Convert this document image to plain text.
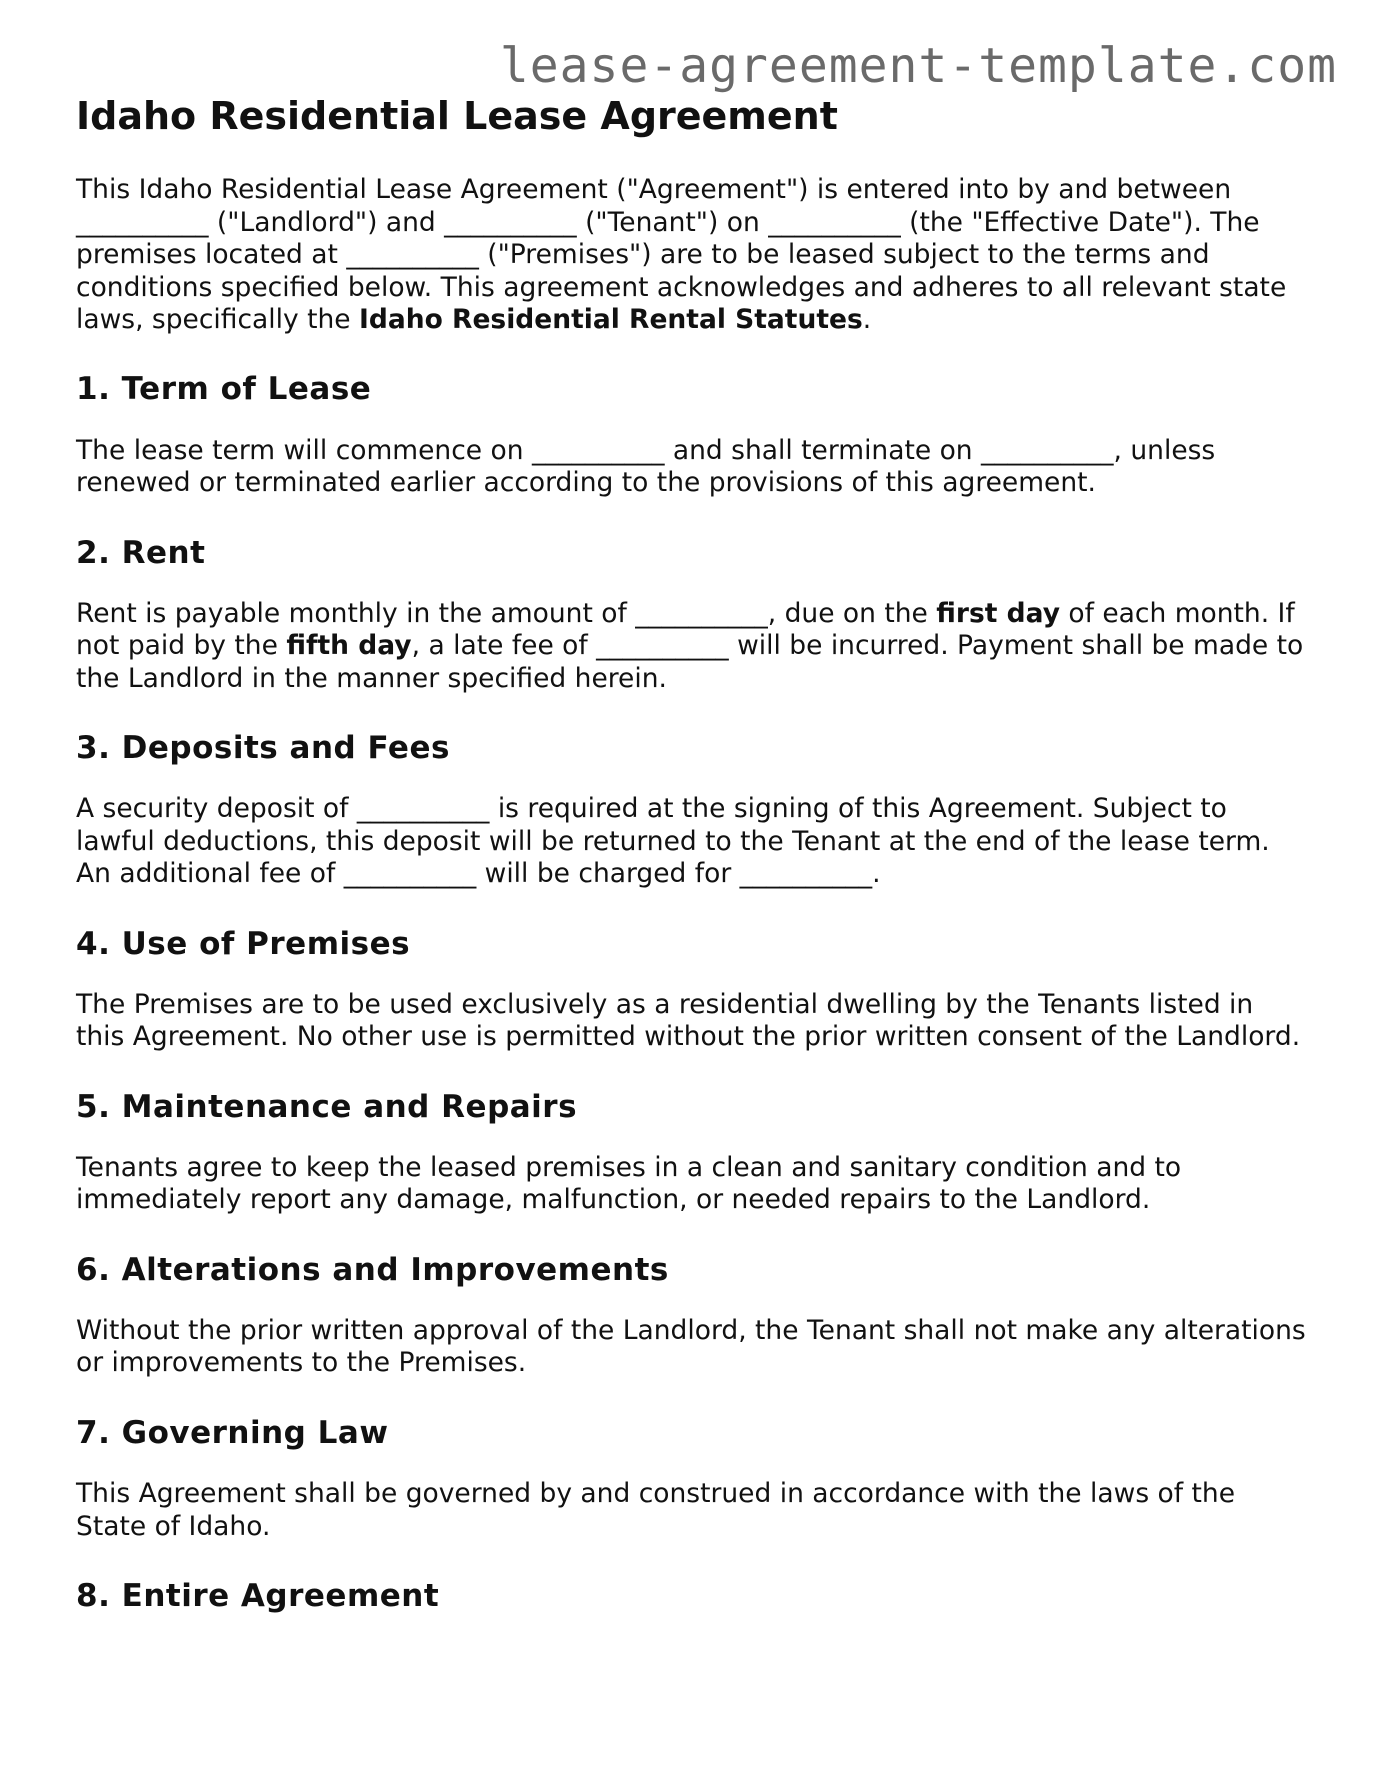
lease-agreement-template.com
Idaho Residential Lease Agreement

This Idaho Residential Lease Agreement ("Agreement") is entered into by and between __________ ("Landlord") and __________ ("Tenant") on __________ (the "Effective Date"). The premises located at __________ ("Premises") are to be leased subject to the terms and conditions specified below. This agreement acknowledges and adheres to all relevant state laws, specifically the Idaho Residential Rental Statutes.

1. Term of Lease

The lease term will commence on __________ and shall terminate on __________, unless renewed or terminated earlier according to the provisions of this agreement.

2. Rent

Rent is payable monthly in the amount of __________, due on the first day of each month. If not paid by the fifth day, a late fee of __________ will be incurred. Payment shall be made to the Landlord in the manner specified herein.

3. Deposits and Fees

A security deposit of __________ is required at the signing of this Agreement. Subject to lawful deductions, this deposit will be returned to the Tenant at the end of the lease term. An additional fee of __________ will be charged for __________.

4. Use of Premises

The Premises are to be used exclusively as a residential dwelling by the Tenants listed in this Agreement. No other use is permitted without the prior written consent of the Landlord.

5. Maintenance and Repairs

Tenants agree to keep the leased premises in a clean and sanitary condition and to immediately report any damage, malfunction, or needed repairs to the Landlord.

6. Alterations and Improvements

Without the prior written approval of the Landlord, the Tenant shall not make any alterations or improvements to the Premises.

7. Governing Law

This Agreement shall be governed by and construed in accordance with the laws of the State of Idaho.

8. Entire Agreement
